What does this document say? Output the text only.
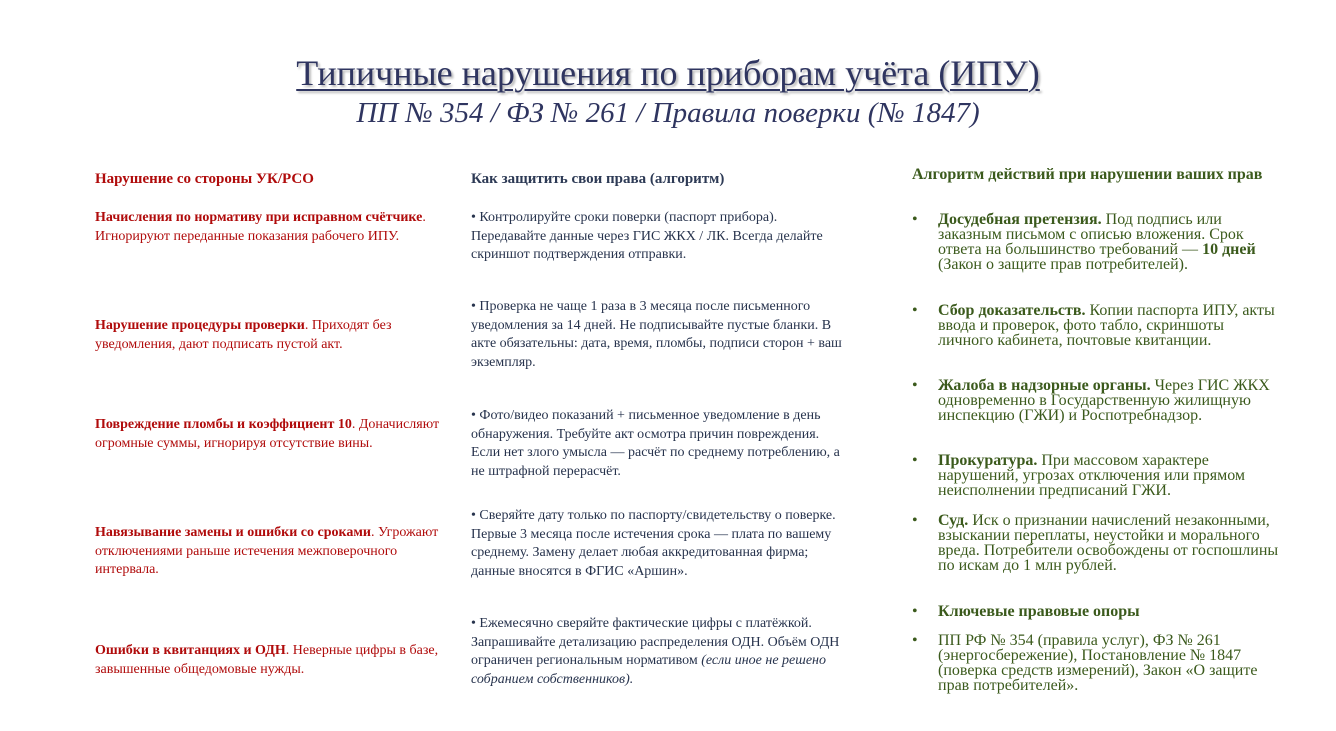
Типичные нарушения по приборам учёта (ИПУ)
ПП № 354 / ФЗ № 261 / Правила поверки (№ 1847)
Нарушение со стороны УК/РСО	Как защитить свои права (алгоритм)	Алгоритм действий при нарушении ваших прав
Начисления по нормативу при исправном счётчике. Игнорируют переданные показания рабочего ИПУ.
Нарушение процедуры проверки. Приходят без уведомления, дают подписать пустой акт.
Повреждение пломбы и коэффициент 10. Доначисляют огромные суммы, игнорируя отсутствие вины.
Навязывание замены и ошибки со сроками. Угрожают отключениями раньше истечения межповерочного интервала.
Ошибки в квитанциях и ОДН. Неверные цифры в базе, завышенные общедомовые нужды.
• Контролируйте сроки поверки (паспорт прибора). Передавайте данные через ГИС ЖКХ / ЛК. Всегда делайте скриншот подтверждения отправки.
• Проверка не чаще 1 раза в 3 месяца после письменного уведомления за 14 дней. Не подписывайте пустые бланки. В акте обязательны: дата, время, пломбы, подписи сторон + ваш экземпляр.
• Фото/видео показаний + письменное уведомление в день обнаружения. Требуйте акт осмотра причин повреждения. Если нет злого умысла — расчёт по среднему потреблению, а не штрафной перерасчёт.
• Сверяйте дату только по паспорту/свидетельству о поверке. Первые 3 месяца после истечения срока — плата по вашему среднему. Замену делает любая аккредитованная фирма; данные вносятся в ФГИС «Аршин».
• Ежемесячно сверяйте фактические цифры с платёжкой. Запрашивайте детализацию распределения ОДН. Объём ОДН ограничен региональным нормативом (если иное не решено собранием собственников).
• Досудебная претензия. Под подпись или заказным письмом с описью вложения. Срок ответа на большинство требований — 10 дней (Закон о защите прав потребителей).
• Сбор доказательств. Копии паспорта ИПУ, акты ввода и проверок, фото табло, скриншоты личного кабинета, почтовые квитанции.
• Жалоба в надзорные органы. Через ГИС ЖКХ одновременно в Государственную жилищную инспекцию (ГЖИ) и Роспотребнадзор.
• Прокуратура. При массовом характере нарушений, угрозах отключения или прямом неисполнении предписаний ГЖИ.
• Суд. Иск о признании начислений незаконными, взыскании переплаты, неустойки и морального вреда. Потребители освобождены от госпошлины по искам до 1 млн рублей.
• Ключевые правовые опоры
• ПП РФ № 354 (правила услуг), ФЗ № 261 (энергосбережение), Постановление № 1847 (поверка средств измерений), Закон «О защите прав потребителей».
